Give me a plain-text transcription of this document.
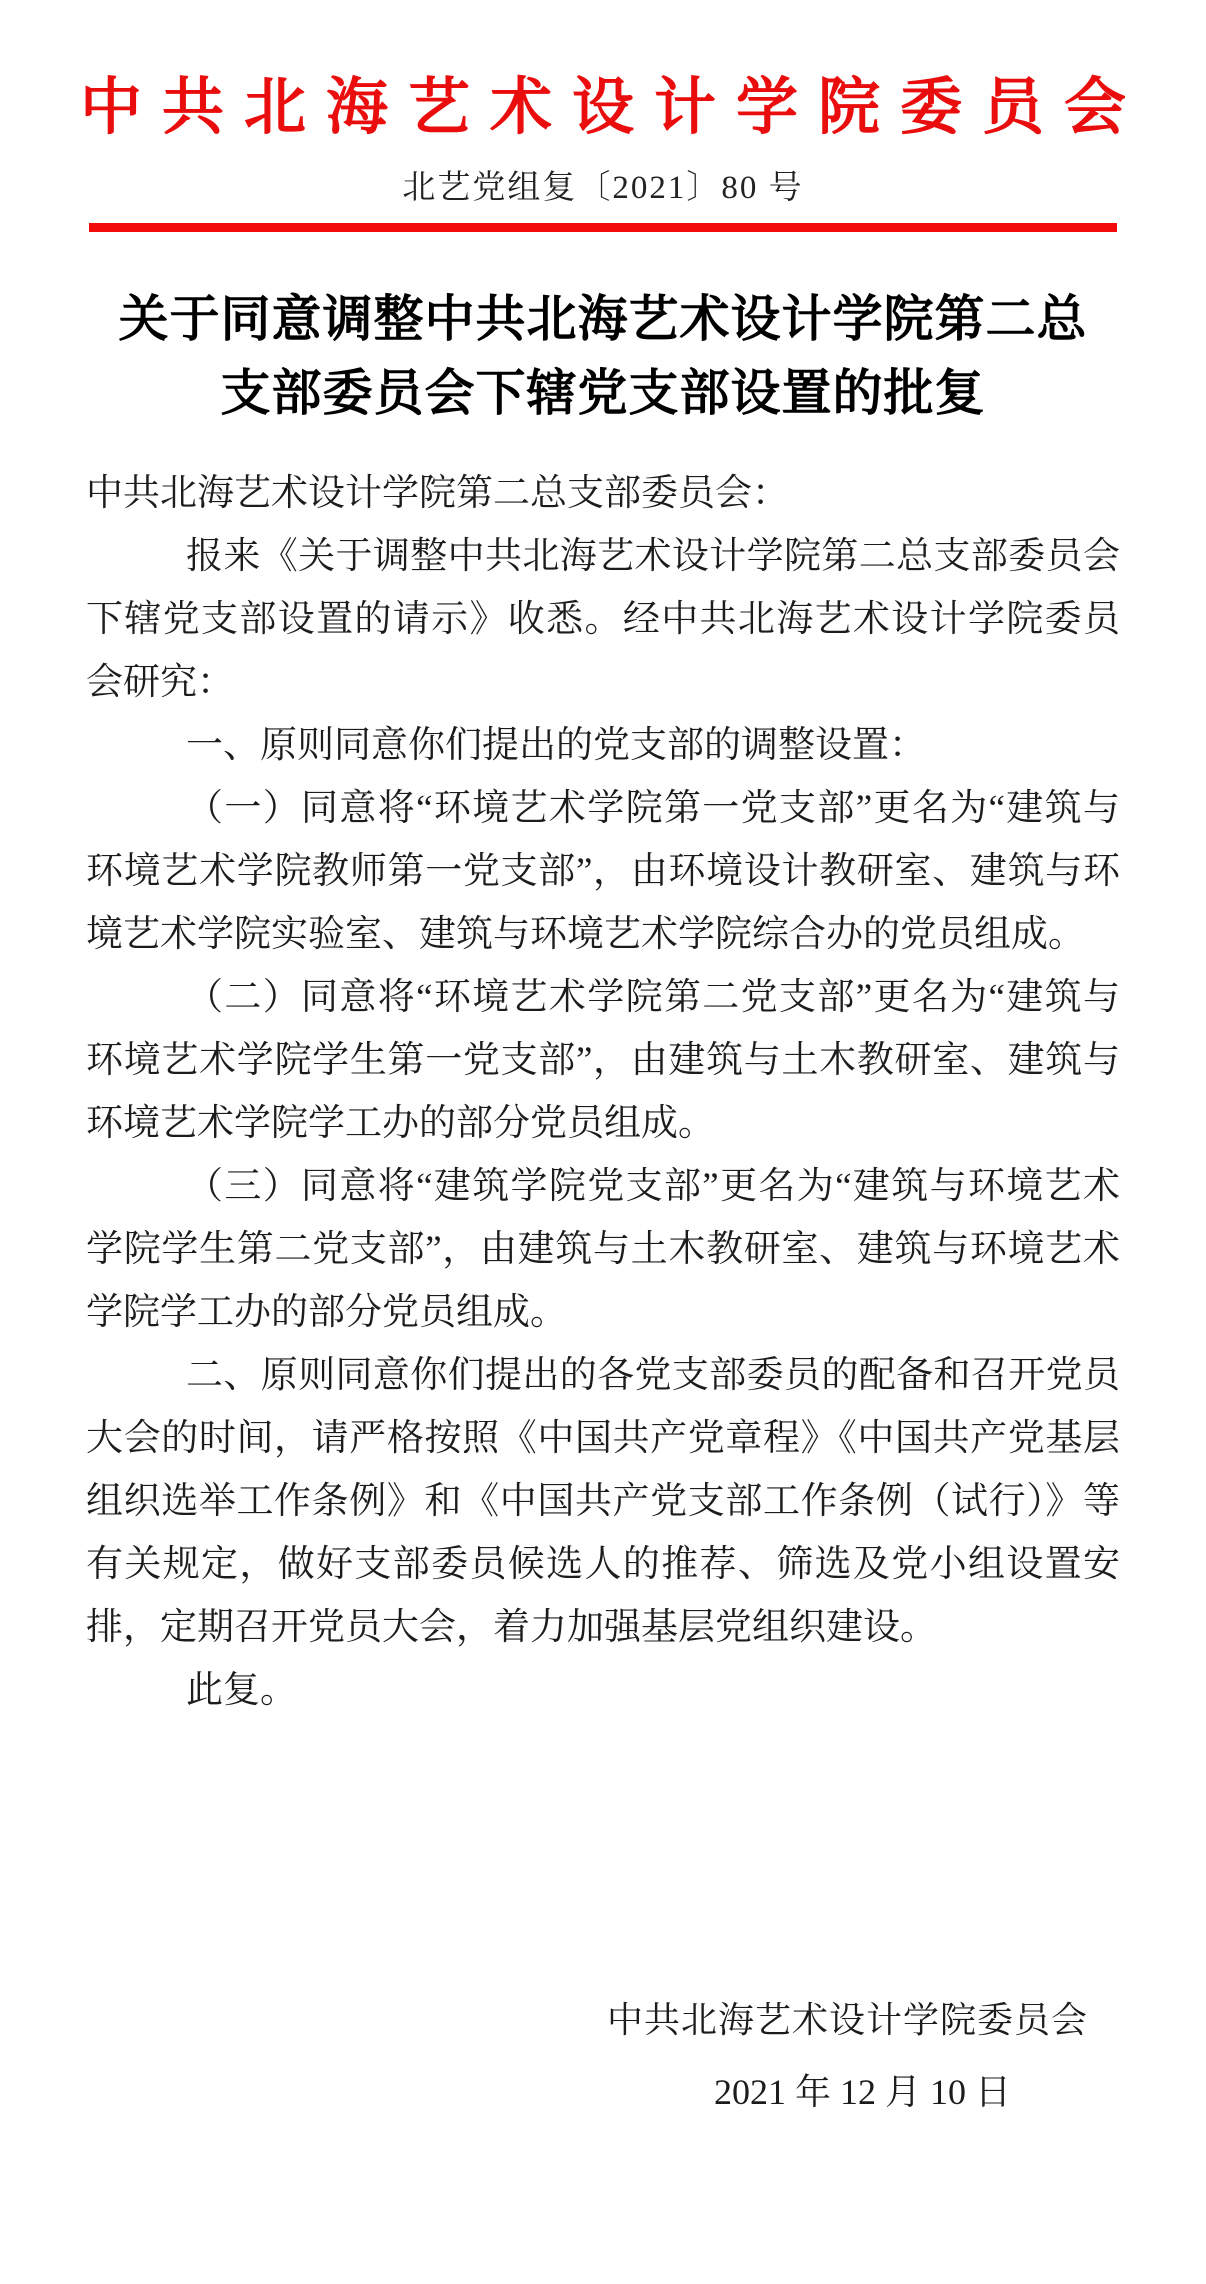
中共北海艺术设计学院委员会
北艺党组复〔2021〕80 号
关于同意调整中共北海艺术设计学院第二总
支部委员会下辖党支部设置的批复

中共北海艺术设计学院第二总支部委员会：

报来《关于调整中共北海艺术设计学院第二总支部委员会下辖党支部设置的请示》收悉。经中共北海艺术设计学院委员会研究：

一、原则同意你们提出的党支部的调整设置：

（一）同意将“环境艺术学院第一党支部”更名为“建筑与环境艺术学院教师第一党支部”，由环境设计教研室、建筑与环境艺术学院实验室、建筑与环境艺术学院综合办的党员组成。

（二）同意将“环境艺术学院第二党支部”更名为“建筑与环境艺术学院学生第一党支部”，由建筑与土木教研室、建筑与环境艺术学院学工办的部分党员组成。

（三）同意将“建筑学院党支部”更名为“建筑与环境艺术学院学生第二党支部”，由建筑与土木教研室、建筑与环境艺术学院学工办的部分党员组成。

二、原则同意你们提出的各党支部委员的配备和召开党员大会的时间，请严格按照《中国共产党章程》《中国共产党基层组织选举工作条例》和《中国共产党支部工作条例（试行）》等有关规定，做好支部委员候选人的推荐、筛选及党小组设置安排，定期召开党员大会，着力加强基层党组织建设。

此复。

中共北海艺术设计学院委员会
2021 年 12 月 10 日
